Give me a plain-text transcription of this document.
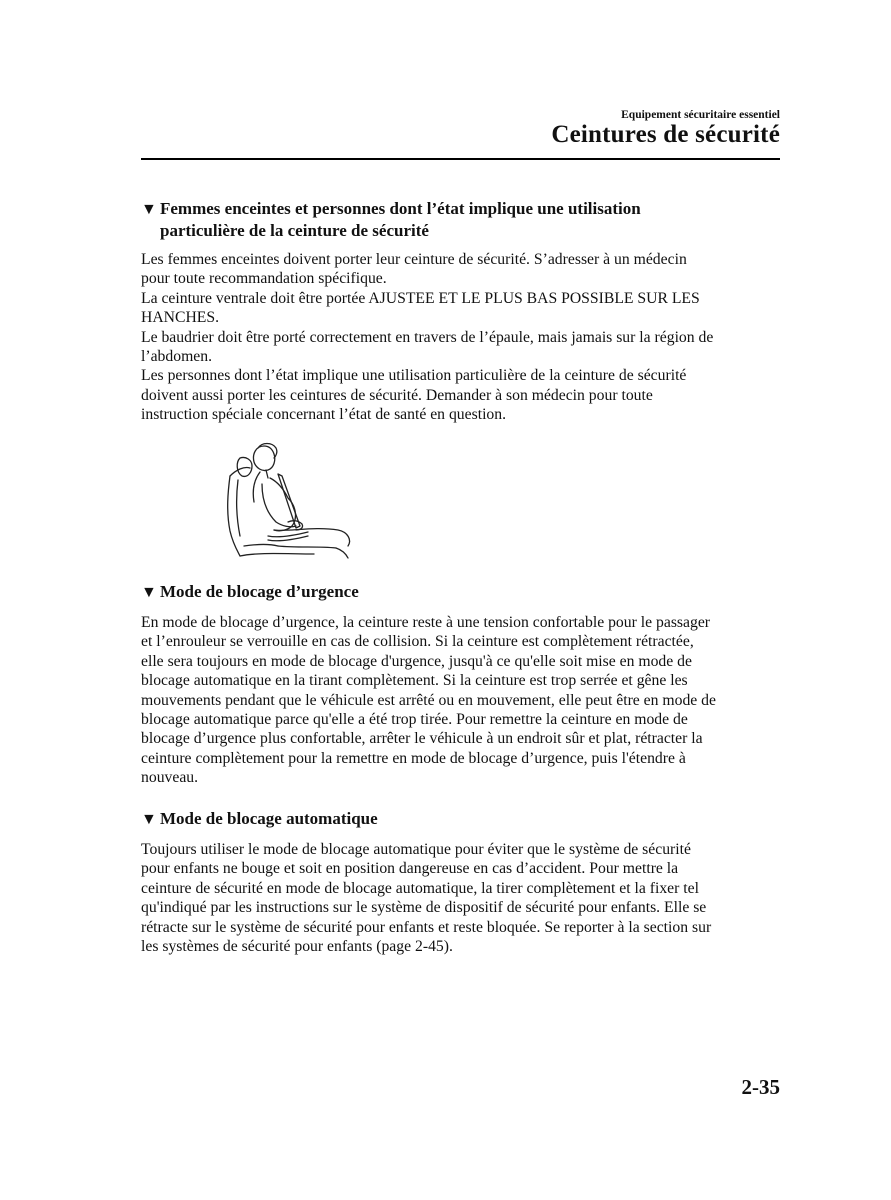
Equipement sécuritaire essentiel
Ceintures de sécurité
▼ Femmes enceintes et personnes dont l’état implique une utilisation
particulière de la ceinture de sécurité

Les femmes enceintes doivent porter leur ceinture de sécurité. S’adresser à un médecin
pour toute recommandation spécifique.
La ceinture ventrale doit être portée AJUSTEE ET LE PLUS BAS POSSIBLE SUR LES
HANCHES.
Le baudrier doit être porté correctement en travers de l’épaule, mais jamais sur la région de
l’abdomen.
Les personnes dont l’état implique une utilisation particulière de la ceinture de sécurité
doivent aussi porter les ceintures de sécurité. Demander à son médecin pour toute
instruction spéciale concernant l’état de santé en question.

▼ Mode de blocage d’urgence

En mode de blocage d’urgence, la ceinture reste à une tension confortable pour le passager
et l’enrouleur se verrouille en cas de collision. Si la ceinture est complètement rétractée,
elle sera toujours en mode de blocage d'urgence, jusqu'à ce qu'elle soit mise en mode de
blocage automatique en la tirant complètement. Si la ceinture est trop serrée et gêne les
mouvements pendant que le véhicule est arrêté ou en mouvement, elle peut être en mode de
blocage automatique parce qu'elle a été trop tirée. Pour remettre la ceinture en mode de
blocage d’urgence plus confortable, arrêter le véhicule à un endroit sûr et plat, rétracter la
ceinture complètement pour la remettre en mode de blocage d’urgence, puis l'étendre à
nouveau.

▼ Mode de blocage automatique

Toujours utiliser le mode de blocage automatique pour éviter que le système de sécurité
pour enfants ne bouge et soit en position dangereuse en cas d’accident. Pour mettre la
ceinture de sécurité en mode de blocage automatique, la tirer complètement et la fixer tel
qu'indiqué par les instructions sur le système de dispositif de sécurité pour enfants. Elle se
rétracte sur le système de sécurité pour enfants et reste bloquée. Se reporter à la section sur
les systèmes de sécurité pour enfants (page 2-45).

2-35
